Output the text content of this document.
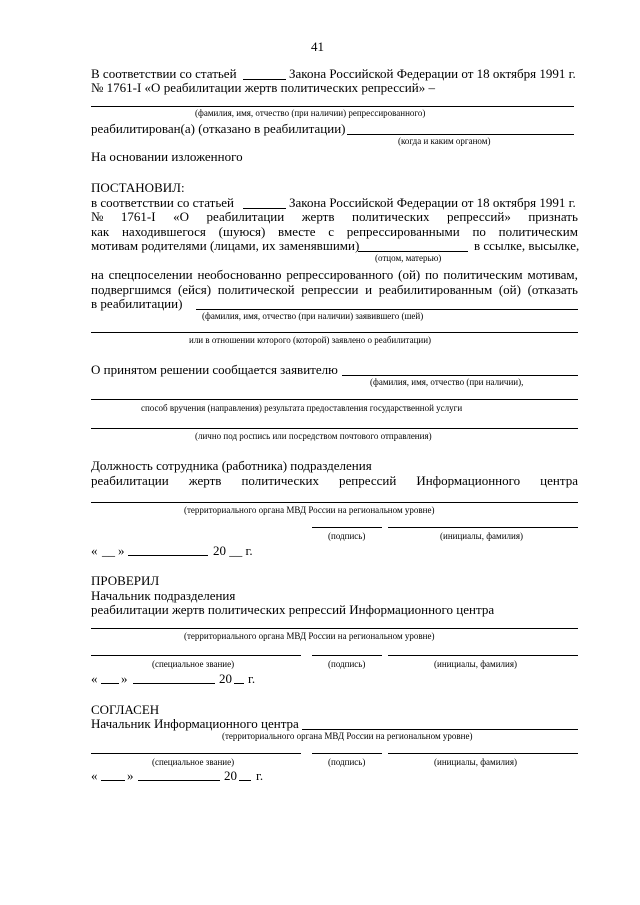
41
В соответствии со статьей	Закона Российской Федерации от 18 октября 1991 г.
№ 1761-I «О реабилитации жертв политических репрессий» –
(фамилия, имя, отчество (при наличии) репрессированного)
реабилитирован(а) (отказано в реабилитации)
(когда и каким органом)
На основании изложенного
ПОСТАНОВИЛ:
в соответствии со статьей	Закона Российской Федерации от 18 октября 1991 г.
№ 1761-I «О реабилитации жертв политических репрессий» признать
как находившегося (шуюся) вместе с репрессированными по политическим
мотивам родителями (лицами, их заменявшими)	в ссылке, высылке,
(отцом, матерью)
на спецпоселении необоснованно репрессированного (ой) по политическим мотивам,
подвергшимся (ейся) политической репрессии и реабилитированным (ой) (отказать
в реабилитации)
(фамилия, имя, отчество (при наличии) заявившего (шей)
или в отношении которого (которой) заявлено о реабилитации)
О принятом решении сообщается заявителю
(фамилия, имя, отчество (при наличии),
способ вручения (направления) результата предоставления государственной услуги
(лично под роспись или посредством почтового отправления)
Должность сотрудника (работника) подразделения
реабилитации жертв политических репрессий Информационного центра
(территориального органа МВД России на региональном уровне)
(подпись)	(инициалы, фамилия)
« __ »	20 __ г.
ПРОВЕРИЛ
Начальник подразделения
реабилитации жертв политических репрессий Информационного центра
(территориального органа МВД России на региональном уровне)
(специальное звание)	(подпись)	(инициалы, фамилия)
« »	20 г.
СОГЛАСЕН
Начальник Информационного центра
(территориального органа МВД России на региональном уровне)
(специальное звание)	(подпись)	(инициалы, фамилия)
« »	20 г.
